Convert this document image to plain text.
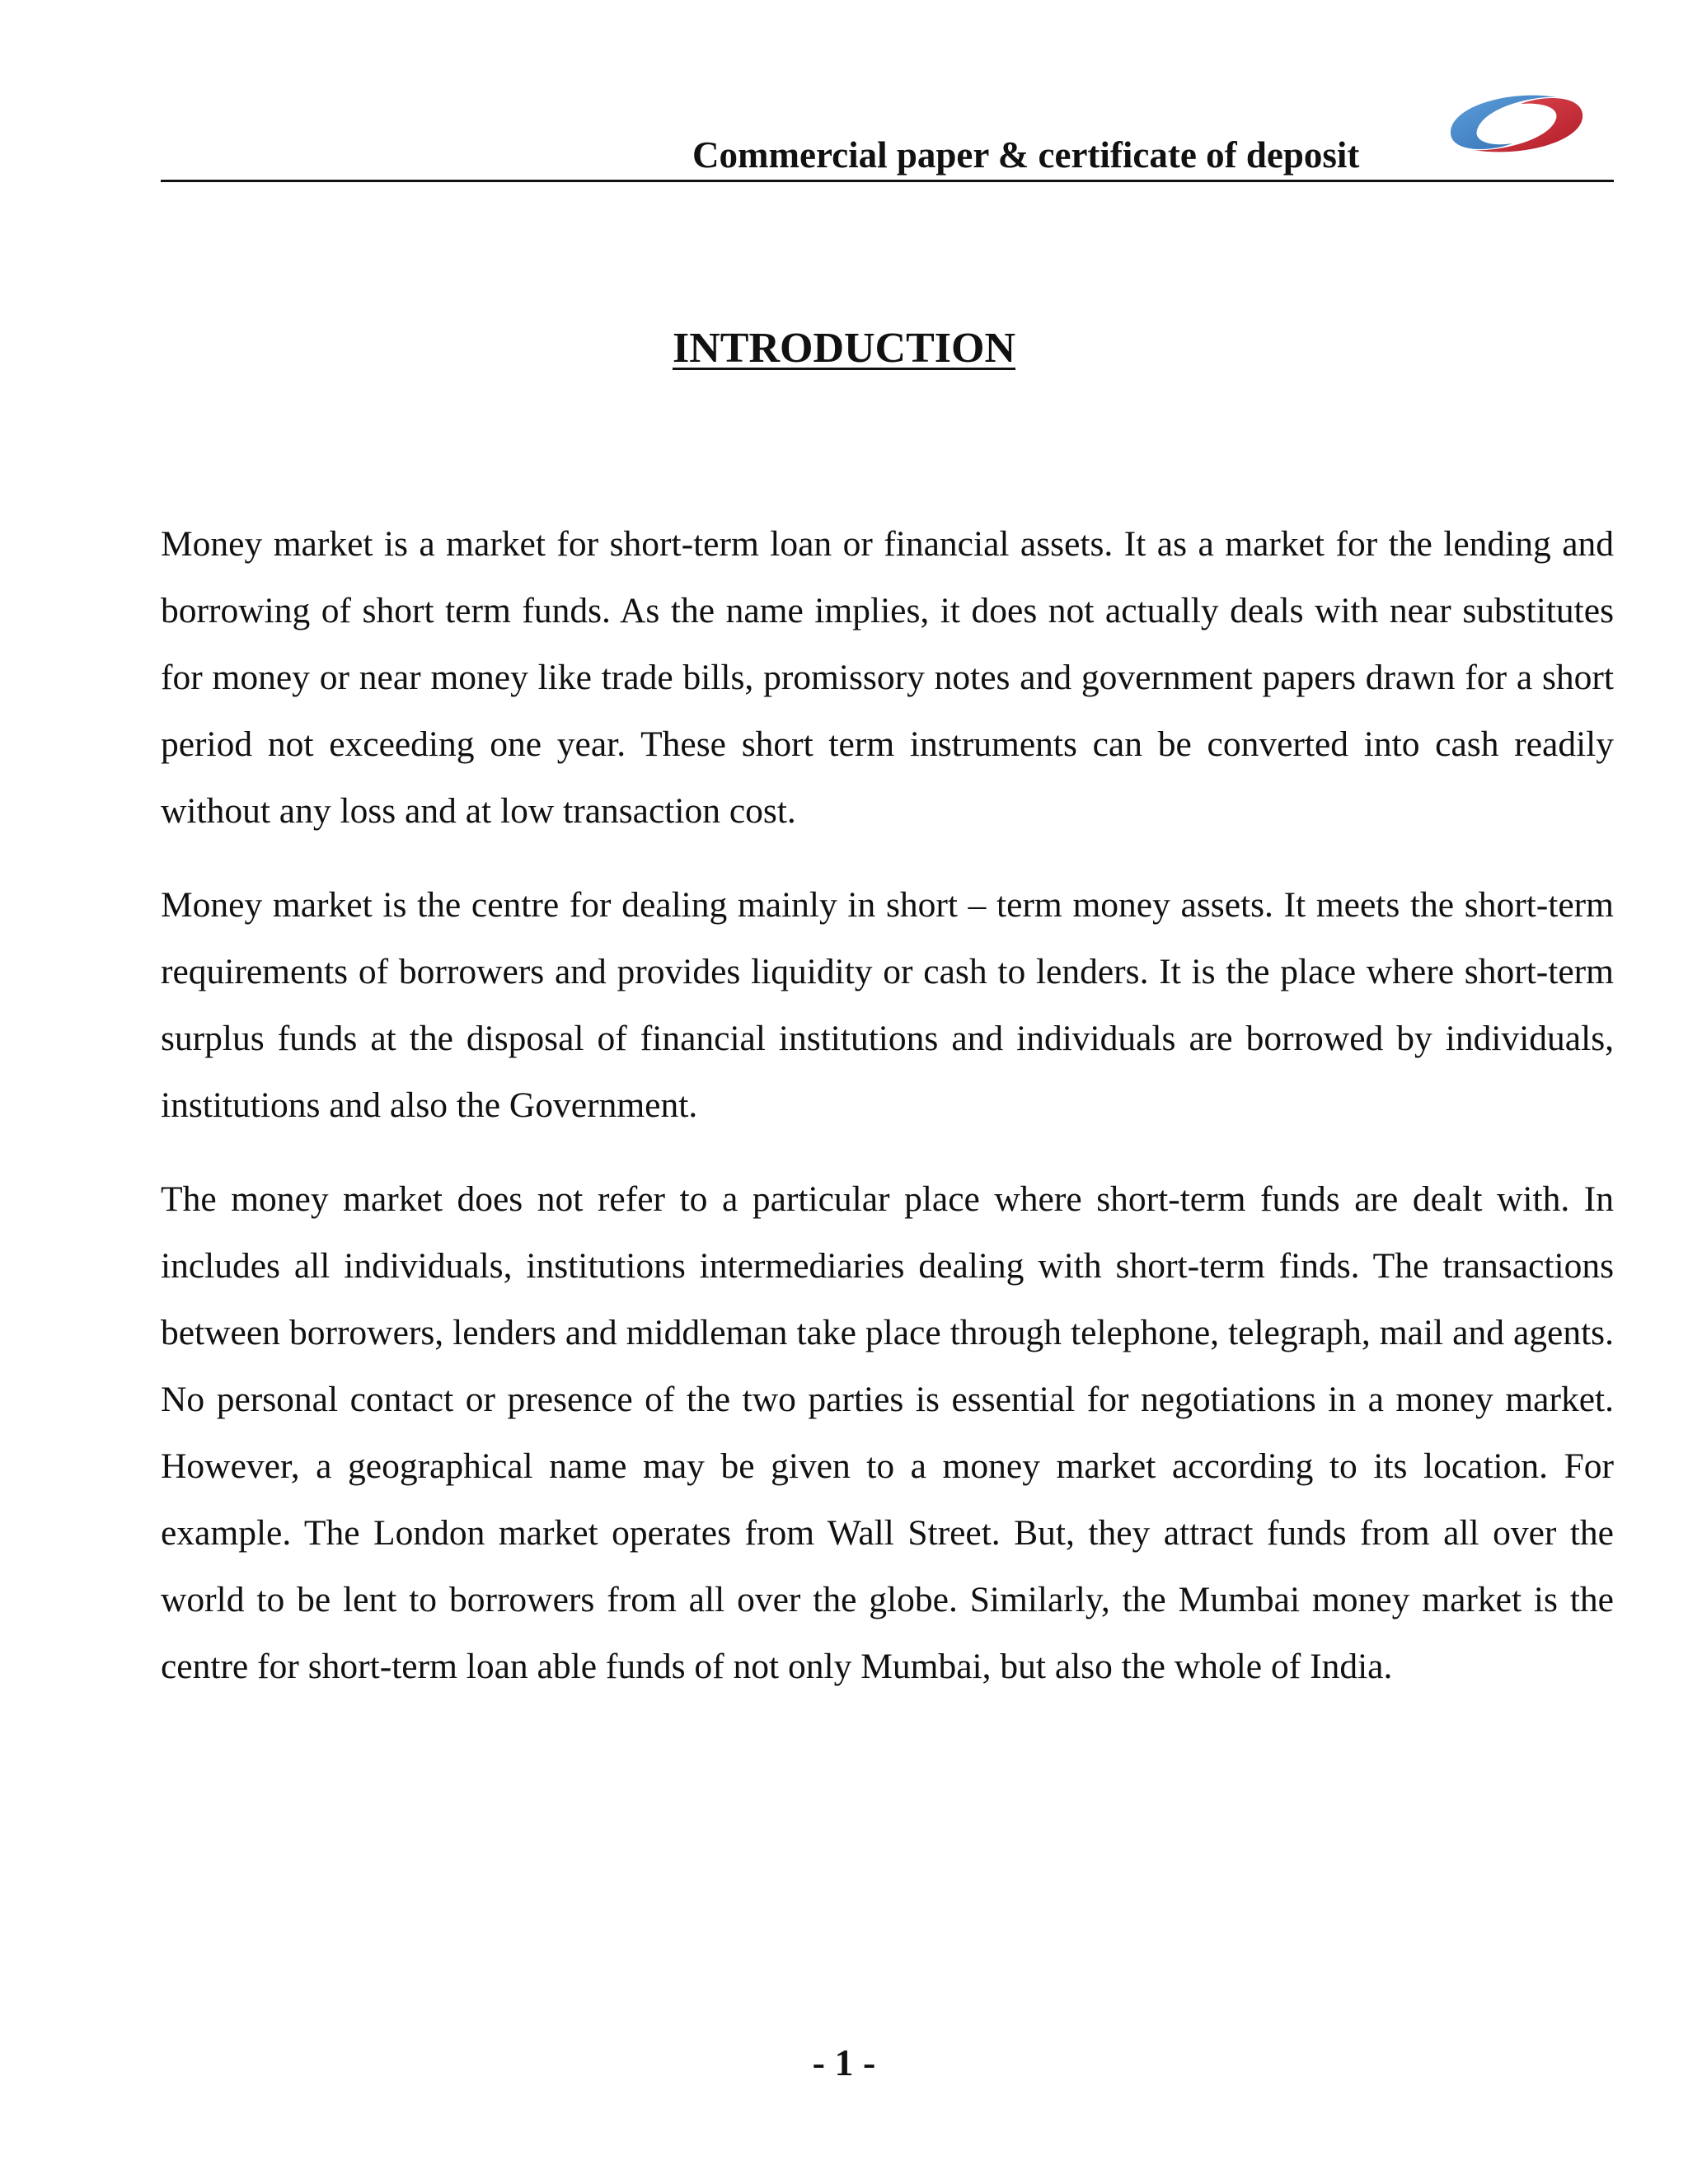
Commercial paper & certificate of deposit
INTRODUCTION

Money market is a market for short-term loan or financial assets. It as a market for the lending and borrowing of short term funds. As the name implies, it does not actually deals with near substitutes for money or near money like trade bills, promissory notes and government papers drawn for a short period not exceeding one year. These short term instruments can be converted into cash readily without any loss and at low transaction cost.

Money market is the centre for dealing mainly in short – term money assets. It meets the short-term requirements of borrowers and provides liquidity or cash to lenders. It is the place where short-term surplus funds at the disposal of financial institutions and individuals are borrowed by individuals, institutions and also the Government.

The money market does not refer to a particular place where short-term funds are dealt with. In includes all individuals, institutions intermediaries dealing with short-term finds. The transactions between borrowers, lenders and middleman take place through telephone, telegraph, mail and agents. No personal contact or presence of the two parties is essential for negotiations in a money market. However, a geographical name may be given to a money market according to its location. For example. The London market operates from Wall Street. But, they attract funds from all over the world to be lent to borrowers from all over the globe. Similarly, the Mumbai money market is the centre for short-term loan able funds of not only Mumbai, but also the whole of India.

- 1 -
